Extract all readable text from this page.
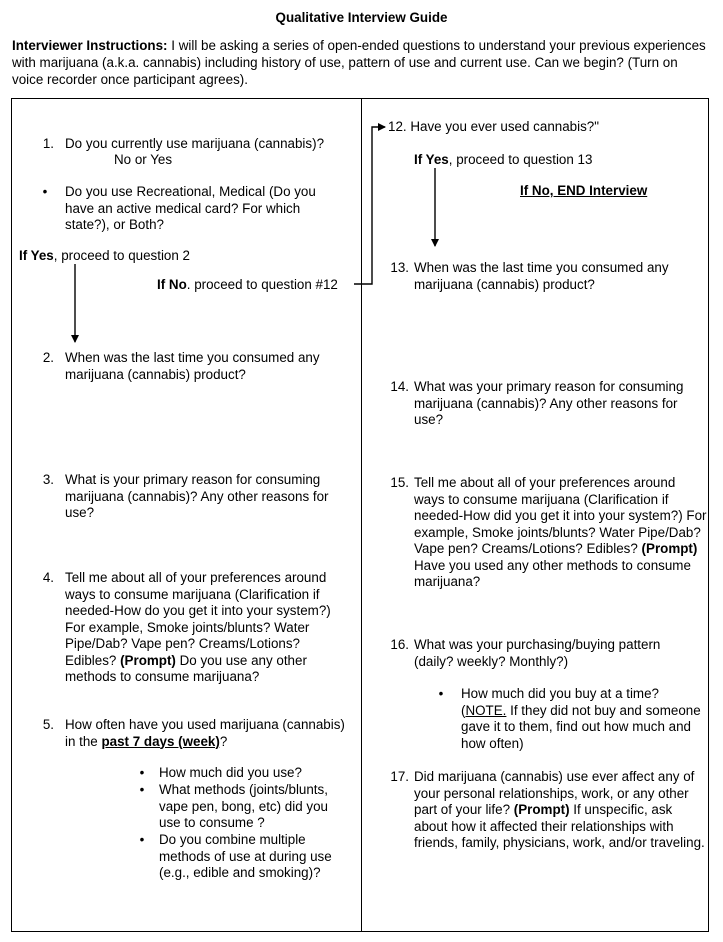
Qualitative Interview Guide
Interviewer Instructions: I will be asking a series of open-ended questions to understand your previous experiences with marijuana (a.k.a. cannabis) including history of use, pattern of use and current use. Can we begin? (Turn on voice recorder once participant agrees).
1. Do you currently use marijuana (cannabis)?
No or Yes
• Do you use Recreational, Medical (Do you have an active medical card? For which state?), or Both?
If Yes, proceed to question 2
If No. proceed to question #12
2. When was the last time you consumed any marijuana (cannabis) product?
3. What is your primary reason for consuming marijuana (cannabis)? Any other reasons for use?
4. Tell me about all of your preferences around ways to consume marijuana (Clarification if needed-How do you get it into your system?) For example, Smoke joints/blunts? Water Pipe/Dab? Vape pen? Creams/Lotions? Edibles? (Prompt) Do you use any other methods to consume marijuana?
5. How often have you used marijuana (cannabis) in the past 7 days (week)?
• How much did you use?
• What methods (joints/blunts, vape pen, bong, etc) did you use to consume ?
• Do you combine multiple methods of use at during use (e.g., edible and smoking)?
12. Have you ever used cannabis?"
If Yes, proceed to question 13
If No, END Interview
13. When was the last time you consumed any marijuana (cannabis) product?
14. What was your primary reason for consuming marijuana (cannabis)? Any other reasons for use?
15. Tell me about all of your preferences around ways to consume marijuana (Clarification if needed-How did you get it into your system?) For example, Smoke joints/blunts? Water Pipe/Dab? Vape pen? Creams/Lotions? Edibles? (Prompt) Have you used any other methods to consume marijuana?
16. What was your purchasing/buying pattern (daily? weekly? Monthly?)
• How much did you buy at a time? (NOTE. If they did not buy and someone gave it to them, find out how much and how often)
17. Did marijuana (cannabis) use ever affect any of your personal relationships, work, or any other part of your life? (Prompt) If unspecific, ask about how it affected their relationships with friends, family, physicians, work, and/or traveling.
